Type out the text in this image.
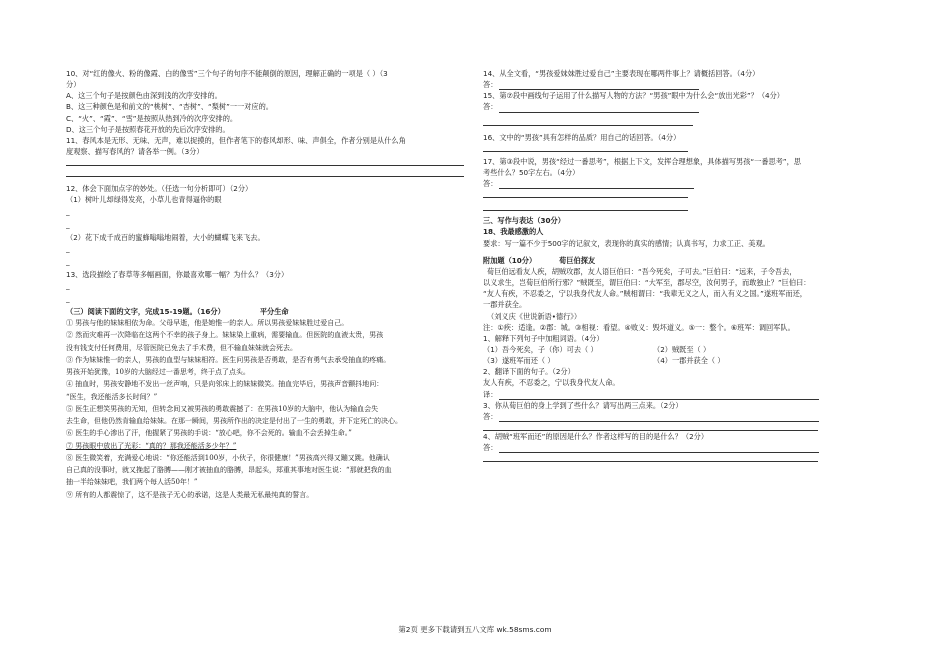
10、对“红的像火、粉的像霞、白的像雪”三个句子的句序不能颠倒的原因，理解正确的一项是（ ）（3
分）
A、这三个句子是按颜色由深到浅的次序安排的。
B、这三种颜色是和前文的“桃树”、“杏树”、“梨树”一一对应的。
C、“火”、“霞”、“雪”是按照从热到冷的次序安排的。
D、这三个句子是按照春花开放的先后次序安排的。
11、春风本是无形、无味、无声，难以捉摸的，但作者笔下的春风却形、味、声俱全，作者分别是从什么角
度观察、描写春风的？请各举一例。（3分）
12、体会下面加点字的妙处。（任选一句分析即可）（2分）
（1）树叶儿却绿得发亮，小草儿也青得逼你的眼
_
_
（2）花下成千成百的蜜蜂嗡嗡地闹着，大小的蝴蝶飞来飞去。
_
_
13、选段描绘了春草等多幅画面，你最喜欢哪一幅？为什么？（3分）
_
_
（三）阅读下面的文字，完成15-19题。（16分）	平分生命
① 男孩与他的妹妹相依为命。父母早逝，他是她惟一的亲人。所以男孩爱妹妹胜过爱自己。
② 然而灾难再一次降临在这两个不幸的孩子身上。妹妹染上重病，需要输血。但医院的血液太贵，男孩
没有钱支付任何费用，尽管医院已免去了手术费，但不输血妹妹就会死去。
③ 作为妹妹惟一的亲人，男孩的血型与妹妹相符。医生问男孩是否勇敢，是否有勇气去承受抽血的疼痛。
男孩开始犹豫，10岁的大脑经过一番思考，终于点了点头。
④ 抽血时，男孩安静地不发出一丝声响，只是向邻床上的妹妹微笑。抽血完毕后，男孩声音颤抖地问：
“医生，我还能活多长时间？”
⑤ 医生正想笑男孩的无知，但转念间又被男孩的勇敢震撼了：在男孩10岁的大脑中，他认为输血会失
去生命，但他仍然肯输血给妹妹。在那一瞬间，男孩所作出的决定是付出了一生的勇敢，并下定死亡的决心。
⑥ 医生的手心渗出了汗，他握紧了男孩的手说：“放心吧，你不会死的。输血不会丢掉生命。”
⑦ 男孩眼中放出了光彩：“真的？那我还能活多少年？”
⑧ 医生微笑着，充满爱心地说：“你还能活到100岁，小伙子，你很健康！”男孩高兴得又蹦又跳。他确认
自己真的没事时，就又挽起了胳膊——刚才被抽血的胳膊，昂起头，郑重其事地对医生说：“那就把我的血
抽一半给妹妹吧，我们两个每人活50年！”
⑨ 所有的人都震惊了，这不是孩子无心的承诺，这是人类最无私最纯真的誓言。
14、从全文看，“男孩爱妹妹胜过爱自己”主要表现在哪两件事上？请概括回答。（4分）
答：
15、第⑦段中画线句子运用了什么描写人物的方法？“男孩”眼中为什么会“放出光彩”？（4分）
答：
16、文中的“男孩”具有怎样的品质？用自己的话回答。（4分）
17、第③段中说，男孩“经过一番思考”，根据上下文，发挥合理想象，具体描写男孩“一番思考”，思
考些什么？50字左右。（4分）
答：
三、写作与表达（30分）
18、我最感激的人
要求：写一篇不少于500字的记叙文，表现你的真实的感情；认真书写，力求工正、美观。
附加题（10分）	荀巨伯探友
荀巨伯远看友人疾，胡贼攻郡，友人语巨伯曰：“吾今死矣，子可去。”巨伯曰：“远来，子令吾去，
以义求生，岂荀巨伯所行邪？”贼既至，谓巨伯曰：“大军至，郡尽空，汝何男子，而敢独止？”巨伯曰：
“友人有疾，不忍委之，宁以我身代友人命。”贼相谓曰：“我辈无义之人，而入有义之国。”遂班军而还，
一郡并获全。
（刘义庆《世说新语•德行》）
注：①疾：适逢。②郡：城。③相视：看望。④败义：毁坏道义。⑤一：整个。⑥班军：调回军队。
1、解释下列句子中加粗词语。（4分）
（1）吾今死矣，子（你）可去（ ）	（2）贼既至（ ）
（3）遂班军而还（ ）	（4）一郡并获全（ ）
2、翻译下面的句子。（2分）
友人有疾，不忍委之，宁以我身代友人命。
译：
3、你从荀巨伯的身上学到了些什么？请写出两三点来。（2分）
答：
4、胡贼“班军而还”的原因是什么？作者这样写的目的是什么？（2分）
答：
第2页 更多下载请到五八文库 wk.58sms.com
